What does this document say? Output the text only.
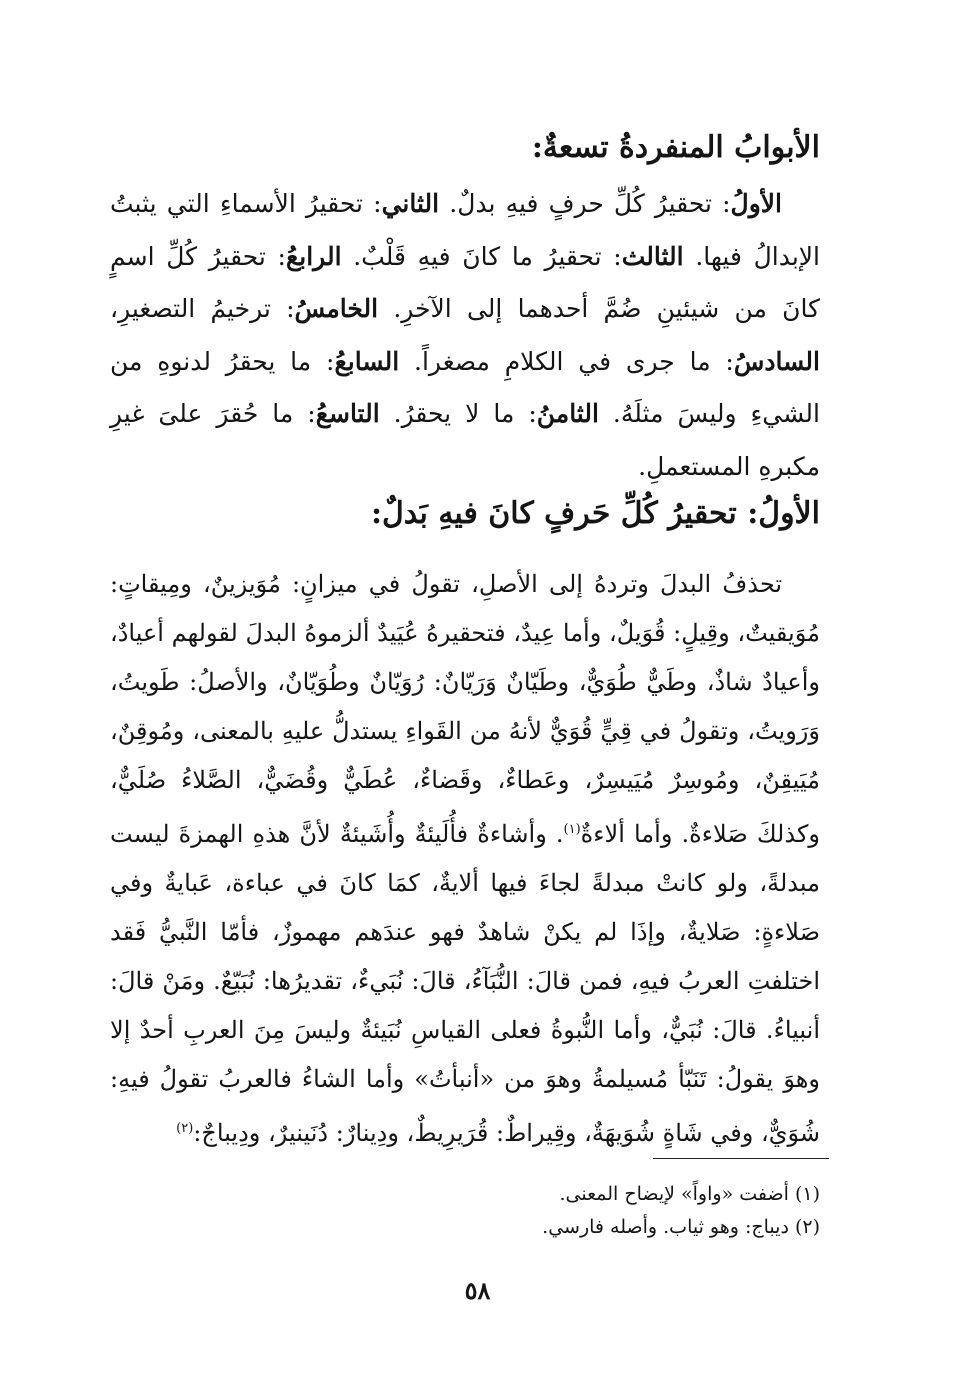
الأبوابُ المنفردةُ تسعةٌ:

الأولُ: تحقيرُ كُلِّ حرفٍ فيهِ بدلٌ. الثاني: تحقيرُ الأسماءِ التي يثبتُ الإبدالُ فيها. الثالث: تحقيرُ ما كانَ فيهِ قَلْبٌ. الرابعُ: تحقيرُ كُلِّ اسمٍ كانَ من شيئينِ ضُمَّ أحدهما إلى الآخرِ. الخامسُ: ترخيمُ التصغيرِ، السادسُ: ما جرى في الكلامِ مصغراً. السابعُ: ما يحقرُ لدنوهِ من الشيءِ وليسَ مثلَهُ. الثامنُ: ما لا يحقرُ. التاسعُ: ما حُقرَ علىَ غيرِ مكبرهِ المستعملِ.

الأولُ: تحقيرُ كُلِّ حَرفٍ كانَ فيهِ بَدلٌ:

تحذفُ البدلَ وتردهُ إلى الأصلِ، تقولُ في ميزانٍ: مُوَيزينٌ، ومِيقاتٍ: مُوَيقيتٌ، وقِيلٍ: قُوَيلٌ، وأما عِيدٌ، فتحقيرهُ عُيَيدٌ ألزموهُ البدلَ لقولهم أعيادٌ، وأعيادٌ شاذٌ، وطَيٌّ طُوَيٌّ، وطَيّانٌ وَرَيّانٌ: رُوَيّانٌ وطُوَيّانٌ، والأصلُ: طَويتُ، وَرَويتُ، وتقولُ في قِيٍّ قُوَيٌّ لأنهُ من القَواءِ يستدلُّ عليهِ بالمعنى، ومُوقِنٌ، مُيَيقِنٌ، ومُوسِرٌ مُيَيسِرٌ، وعَطاءٌ، وقَضاءٌ، عُطَيٌّ وقُضَيٌّ، الصَّلاءُ صُلَيٌّ، وكذلكَ صَلاءةٌ. وأما ألاءةٌ$^{(١)}$. وأشاءةٌ فأُلَيئةٌ وأُشَيئةٌ لأنَّ هذهِ الهمزةَ ليست مبدلةً، ولو كانتْ مبدلةً لجاءَ فيها ألايةٌ، كمَا كانَ في عباءة، عَبايةٌ وفي صَلاءةٍ: صَلايةٌ، وإذَا لم يكنْ شاهدٌ فهو عندَهم مهموزٌ، فأمّا النَّبيُّ فَقد اختلفتِ العربُ فيهِ، فمن قالَ: النُّبَآءُ، قالَ: نُبَيءٌ، تقديرُها: نُبَيّعٌ. ومَنْ قالَ: أنبياءُ. قالَ: نُبَيٌّ، وأما النُّبوةُ فعلى القياسِ نُبَيئةٌ وليسَ مِنَ العربِ أحدٌ إلا وهوَ يقولُ: تَنَبّأ مُسيلمةُ وهوَ من «أنبأتُ» وأما الشاءُ فالعربُ تقولُ فيهِ: شُوَيٌّ، وفي شَاةٍ شُوَيهَةٌ، وقِيراطٌ: قُرَيرِيطٌ، ودِينارٌ: دُنَينيرٌ، ودِيباجٌ:$^{(٢)}$

(١) أضفت «واواً» لإيضاح المعنى.
(٢) ديباج: وهو ثياب. وأصله فارسي.

٥٨
